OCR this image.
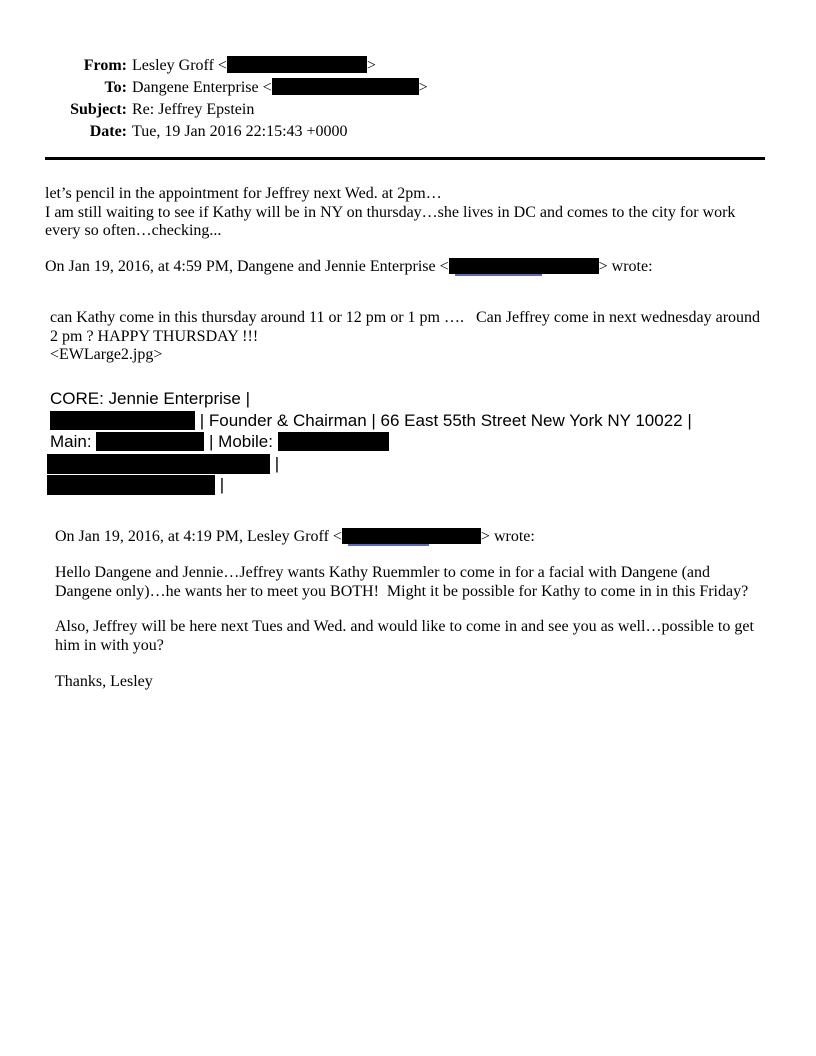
From: Lesley Groff <	>
To: Dangene Enterprise <	>
Subject: Re: Jeffrey Epstein
Date: Tue, 19 Jan 2016 22:15:43 +0000
let’s pencil in the appointment for Jeffrey next Wed. at 2pm…
I am still waiting to see if Kathy will be in NY on thursday…she lives in DC and comes to the city for work every so often…checking...
On Jan 19, 2016, at 4:59 PM, Dangene and Jennie Enterprise <	> wrote:
can Kathy come in this thursday around 11 or 12 pm or 1 pm ….   Can Jeffrey come in next wednesday around 2 pm ? HAPPY THURSDAY !!!
<EWLarge2.jpg>
CORE: Jennie Enterprise |
| Founder & Chairman | 66 East 55th Street New York NY 10022 |
Main:	| Mobile:
|
|
On Jan 19, 2016, at 4:19 PM, Lesley Groff <	> wrote:
Hello Dangene and Jennie…Jeffrey wants Kathy Ruemmler to come in for a facial with Dangene (and Dangene only)…he wants her to meet you BOTH!  Might it be possible for Kathy to come in in this Friday?
Also, Jeffrey will be here next Tues and Wed. and would like to come in and see you as well…possible to get him in with you?
Thanks, Lesley
